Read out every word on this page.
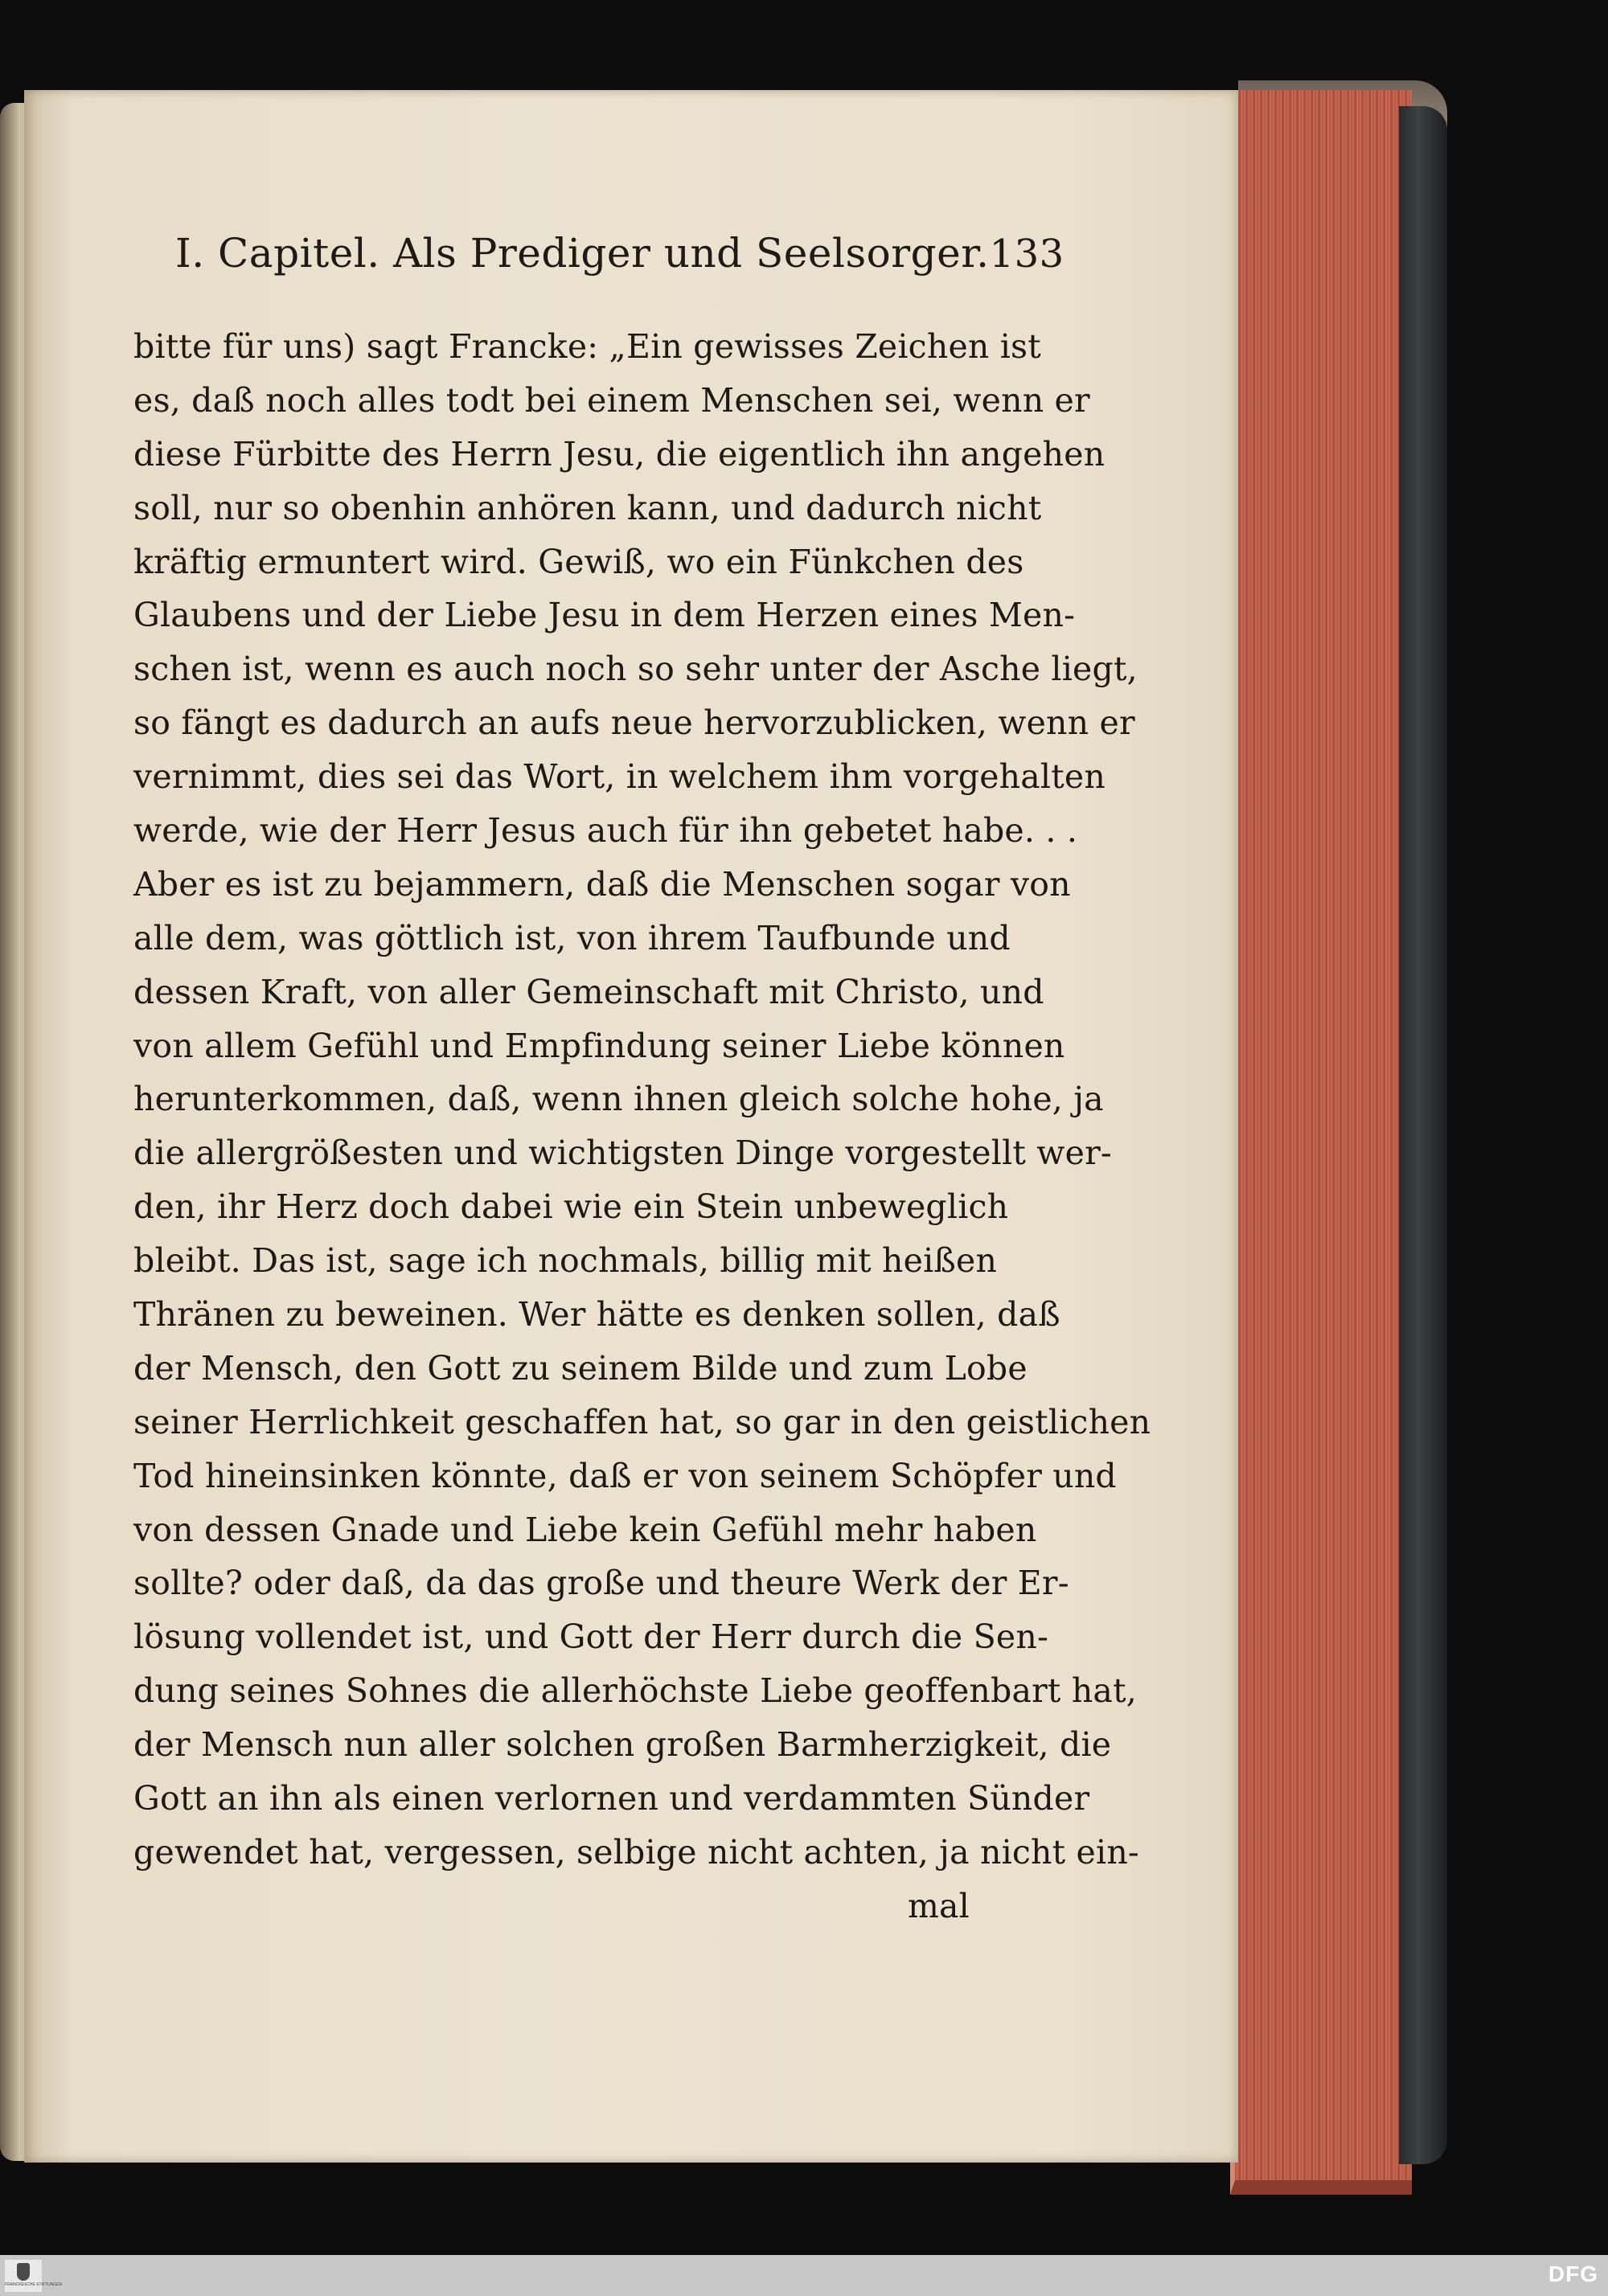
I. Capitel. Als Prediger und Seelsorger. 133
bitte für uns) sagt Francke: „Ein gewisses Zeichen ist
es, daß noch alles todt bei einem Menschen sei, wenn er
diese Fürbitte des Herrn Jesu, die eigentlich ihn angehen
soll, nur so obenhin anhören kann, und dadurch nicht
kräftig ermuntert wird. Gewiß, wo ein Fünkchen des
Glaubens und der Liebe Jesu in dem Herzen eines Men-
schen ist, wenn es auch noch so sehr unter der Asche liegt,
so fängt es dadurch an aufs neue hervorzublicken, wenn er
vernimmt, dies sei das Wort, in welchem ihm vorgehalten
werde, wie der Herr Jesus auch für ihn gebetet habe. . .
Aber es ist zu bejammern, daß die Menschen sogar von
alle dem, was göttlich ist, von ihrem Taufbunde und
dessen Kraft, von aller Gemeinschaft mit Christo, und
von allem Gefühl und Empfindung seiner Liebe können
herunterkommen, daß, wenn ihnen gleich solche hohe, ja
die allergrößesten und wichtigsten Dinge vorgestellt wer-
den, ihr Herz doch dabei wie ein Stein unbeweglich
bleibt. Das ist, sage ich nochmals, billig mit heißen
Thränen zu beweinen. Wer hätte es denken sollen, daß
der Mensch, den Gott zu seinem Bilde und zum Lobe
seiner Herrlichkeit geschaffen hat, so gar in den geistlichen
Tod hineinsinken könnte, daß er von seinem Schöpfer und
von dessen Gnade und Liebe kein Gefühl mehr haben
sollte? oder daß, da das große und theure Werk der Er-
lösung vollendet ist, und Gott der Herr durch die Sen-
dung seines Sohnes die allerhöchste Liebe geoffenbart hat,
der Mensch nun aller solchen großen Barmherzigkeit, die
Gott an ihn als einen verlornen und verdammten Sünder
gewendet hat, vergessen, selbige nicht achten, ja nicht ein-
mal
FRANCKESCHE STIFTUNGEN	DFG
